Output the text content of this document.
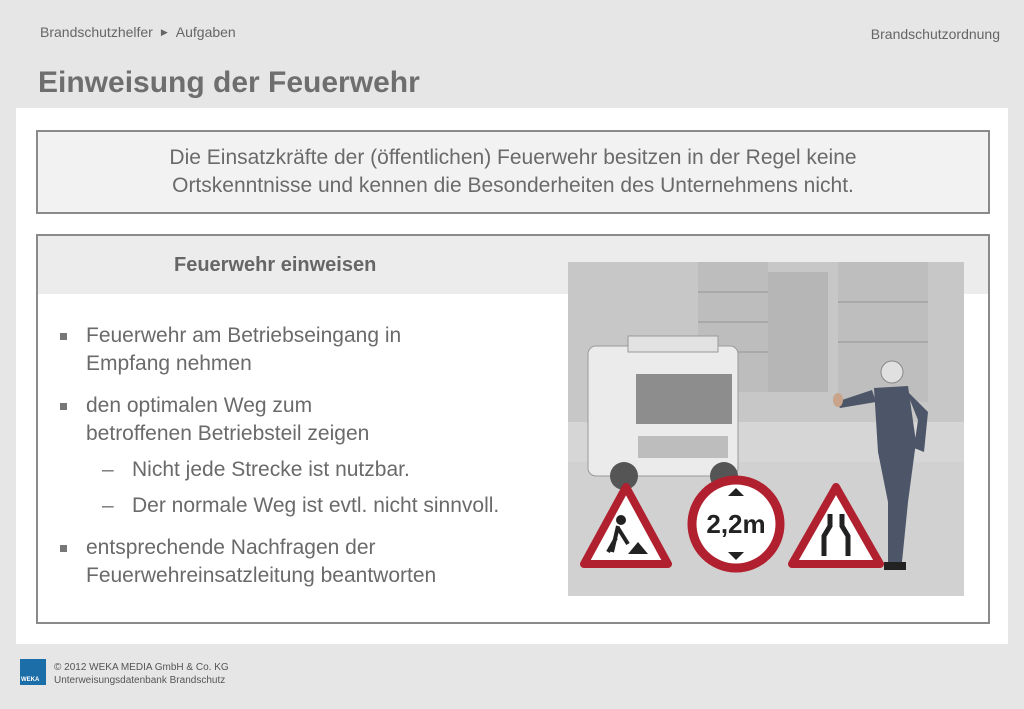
Brandschutzhelfer ▶ Aufgaben	Brandschutzordnung
Einweisung der Feuerwehr
Die Einsatzkräfte der (öffentlichen) Feuerwehr besitzen in der Regel keine
Ortskenntnisse und kennen die Besonderheiten des Unternehmens nicht.
Feuerwehr einweisen
Feuerwehr am Betriebseingang in
Empfang nehmen
den optimalen Weg zum
betroffenen Betriebsteil zeigen
– Nicht jede Strecke ist nutzbar.
– Der normale Weg ist evtl. nicht sinnvoll.
entsprechende Nachfragen der
Feuerwehreinsatzleitung beantworten
2,2m
WEKA
© 2012 WEKA MEDIA GmbH & Co. KG
Unterweisungsdatenbank Brandschutz
